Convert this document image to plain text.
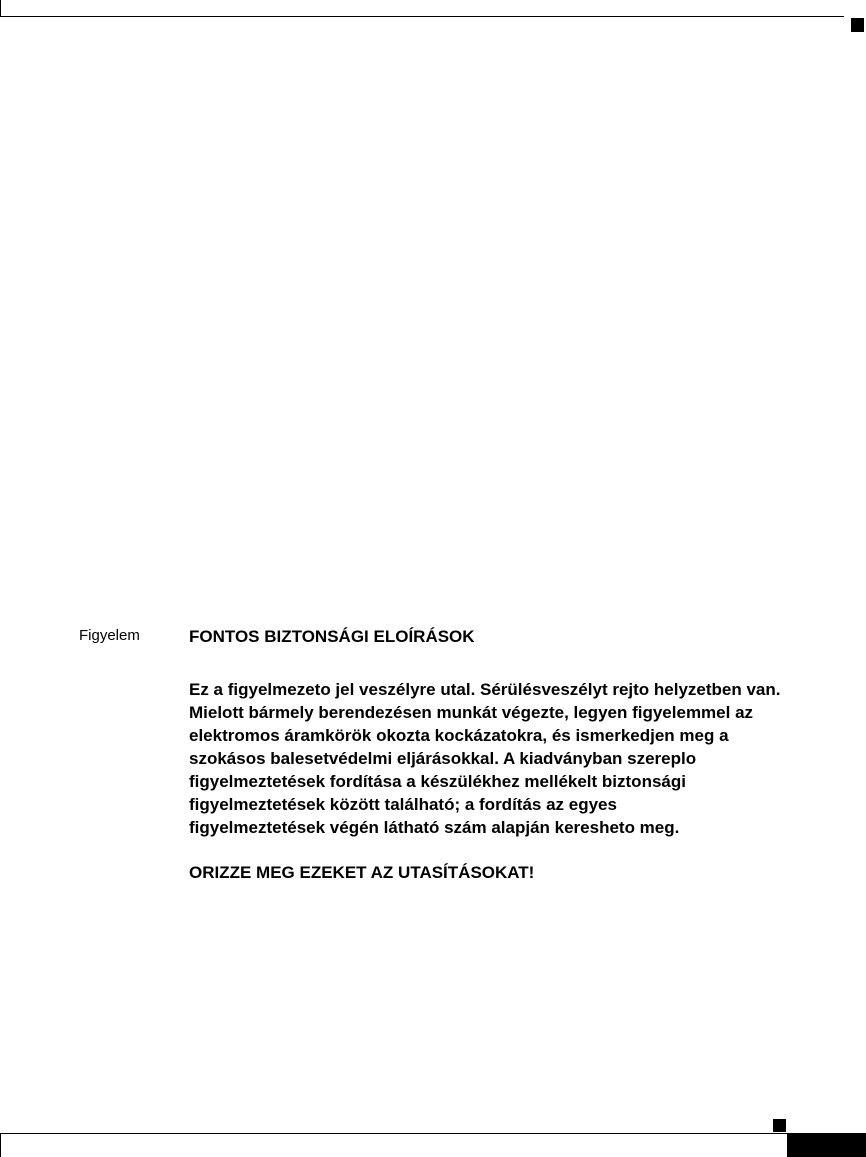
Figyelem	FONTOS BIZTONSÁGI ELOÍRÁSOK

Ez a figyelmezeto jel veszélyre utal. Sérülésveszélyt rejto helyzetben van.
Mielott bármely berendezésen munkát végezte, legyen figyelemmel az
elektromos áramkörök okozta kockázatokra, és ismerkedjen meg a
szokásos balesetvédelmi eljárásokkal. A kiadványban szereplo
figyelmeztetések fordítása a készülékhez mellékelt biztonsági
figyelmeztetések között található; a fordítás az egyes
figyelmeztetések végén látható szám alapján kereshet​o meg.

ORIZZE MEG EZEKET AZ UTASÍTÁSOKAT!
